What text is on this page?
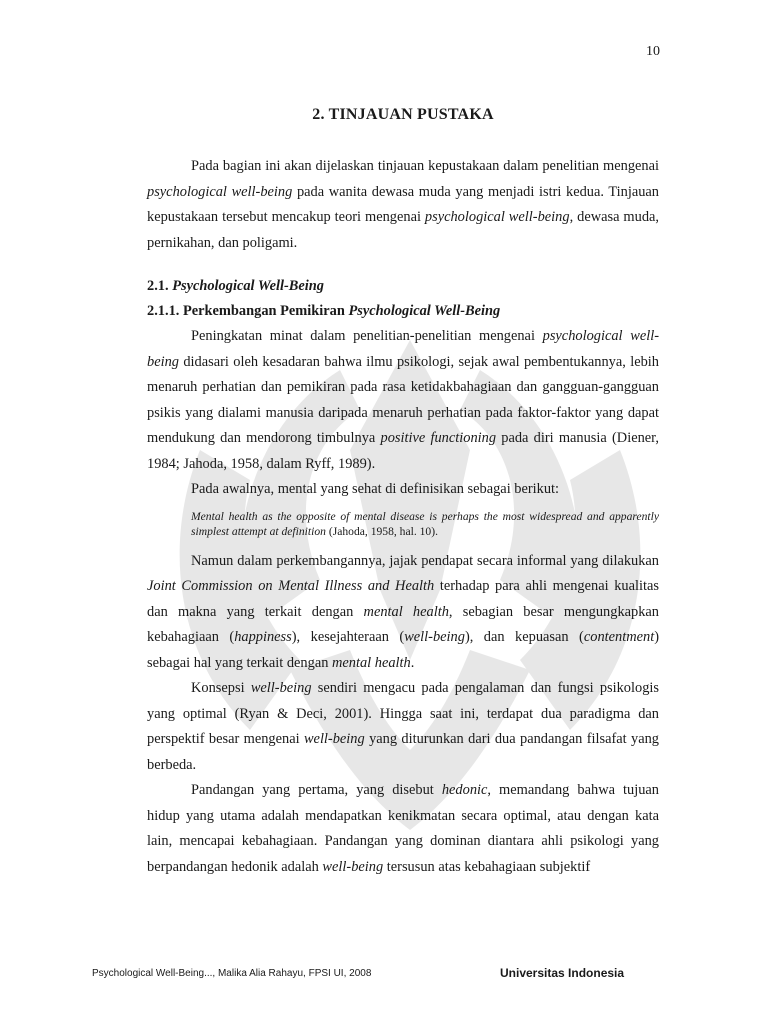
10
2. TINJAUAN PUSTAKA

Pada bagian ini akan dijelaskan tinjauan kepustakaan dalam penelitian mengenai psychological well-being pada wanita dewasa muda yang menjadi istri kedua. Tinjauan kepustakaan tersebut mencakup teori mengenai psychological well-being, dewasa muda, pernikahan, dan poligami.

2.1. Psychological Well-Being

2.1.1. Perkembangan Pemikiran Psychological Well-Being

Peningkatan minat dalam penelitian-penelitian mengenai psychological well-being didasari oleh kesadaran bahwa ilmu psikologi, sejak awal pembentukannya, lebih menaruh perhatian dan pemikiran pada rasa ketidakbahagiaan dan gangguan-gangguan psikis yang dialami manusia daripada menaruh perhatian pada faktor-faktor yang dapat mendukung dan mendorong timbulnya positive functioning pada diri manusia (Diener, 1984; Jahoda, 1958, dalam Ryff, 1989).

Pada awalnya, mental yang sehat di definisikan sebagai berikut:

Mental health as the opposite of mental disease is perhaps the most widespread and apparently simplest attempt at definition (Jahoda, 1958, hal. 10).

Namun dalam perkembangannya, jajak pendapat secara informal yang dilakukan Joint Commission on Mental Illness and Health terhadap para ahli mengenai kualitas dan makna yang terkait dengan mental health, sebagian besar mengungkapkan kebahagiaan (happiness), kesejahteraan (well-being), dan kepuasan (contentment) sebagai hal yang terkait dengan mental health.

Konsepsi well-being sendiri mengacu pada pengalaman dan fungsi psikologis yang optimal (Ryan & Deci, 2001). Hingga saat ini, terdapat dua paradigma dan perspektif besar mengenai well-being yang diturunkan dari dua pandangan filsafat yang berbeda.

Pandangan yang pertama, yang disebut hedonic, memandang bahwa tujuan hidup yang utama adalah mendapatkan kenikmatan secara optimal, atau dengan kata lain, mencapai kebahagiaan. Pandangan yang dominan diantara ahli psikologi yang berpandangan hedonik adalah well-being tersusun atas kebahagiaan subjektif

Psychological Well-Being..., Malika Alia Rahayu, FPSI UI, 2008	Universitas Indonesia
